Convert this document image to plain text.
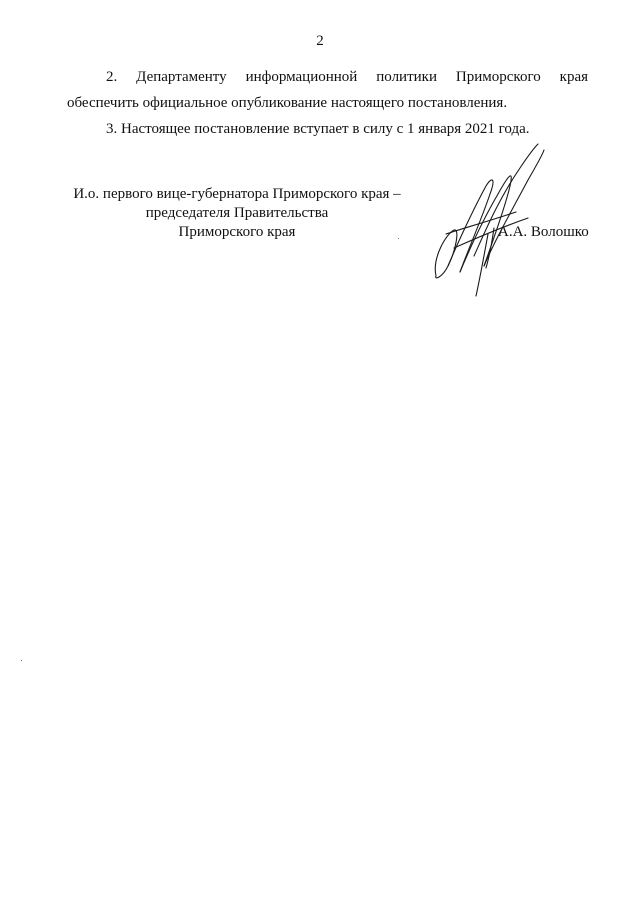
2
2. Департаменту информационной политики Приморского края
обеспечить официальное опубликование настоящего постановления.
3. Настоящее постановление вступает в силу с 1 января 2021 года.
И.о. первого вице-губернатора Приморского края –
председателя Правительства
Приморского края	А.А. Волошко
